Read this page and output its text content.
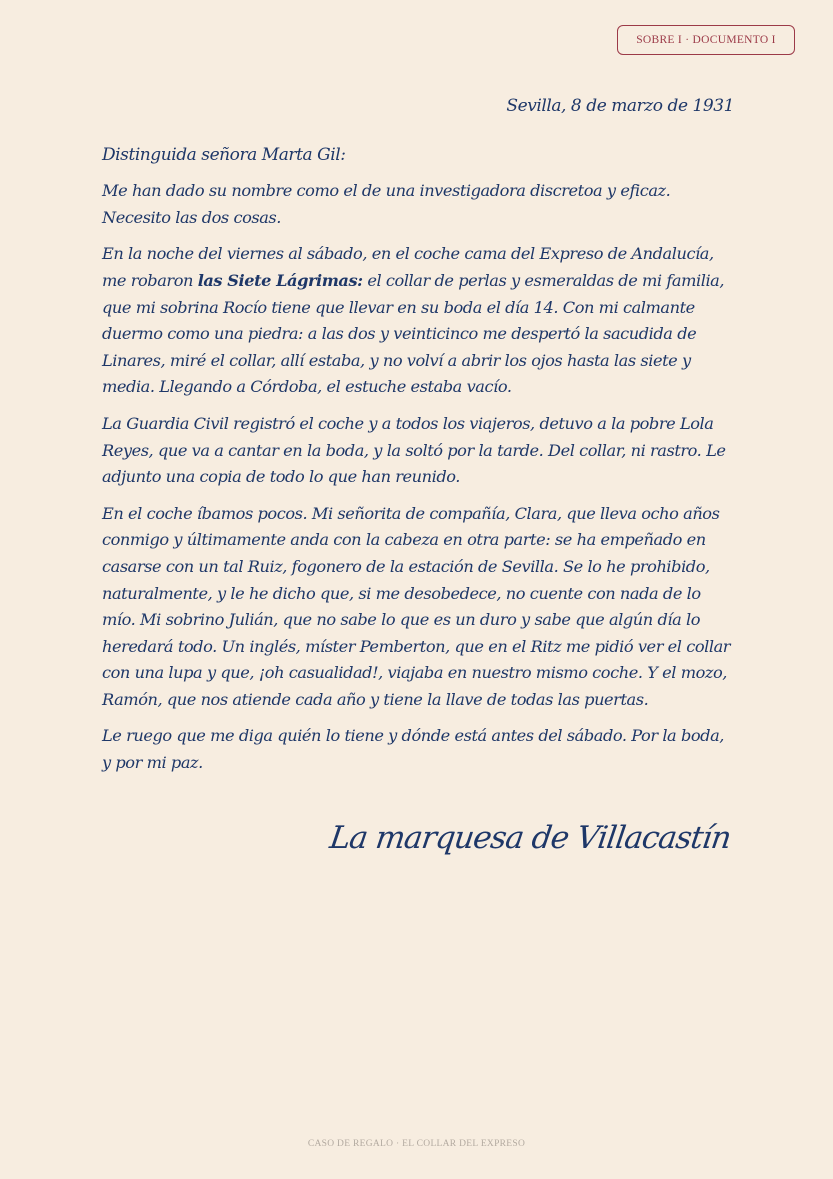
SOBRE I · DOCUMENTO I
Sevilla, 8 de marzo de 1931
Distinguida señora Marta Gil:

Me han dado su nombre como el de una investigadora discretoa y eficaz. Necesito las dos cosas.

En la noche del viernes al sábado, en el coche cama del Expreso de Andalucía, me robaron las Siete Lágrimas: el collar de perlas y esmeraldas de mi familia, que mi sobrina Rocío tiene que llevar en su boda el día 14. Con mi calmante duermo como una piedra: a las dos y veinticinco me despertó la sacudida de Linares, miré el collar, allí estaba, y no volví a abrir los ojos hasta las siete y media. Llegando a Córdoba, el estuche estaba vacío.

La Guardia Civil registró el coche y a todos los viajeros, detuvo a la pobre Lola Reyes, que va a cantar en la boda, y la soltó por la tarde. Del collar, ni rastro. Le adjunto una copia de todo lo que han reunido.

En el coche íbamos pocos. Mi señorita de compañía, Clara, que lleva ocho años conmigo y últimamente anda con la cabeza en otra parte: se ha empeñado en casarse con un tal Ruiz, fogonero de la estación de Sevilla. Se lo he prohibido, naturalmente, y le he dicho que, si me desobedece, no cuente con nada de lo mío. Mi sobrino Julián, que no sabe lo que es un duro y sabe que algún día lo heredará todo. Un inglés, míster Pemberton, que en el Ritz me pidió ver el collar con una lupa y que, ¡oh casualidad!, viajaba en nuestro mismo coche. Y el mozo, Ramón, que nos atiende cada año y tiene la llave de todas las puertas.

Le ruego que me diga quién lo tiene y dónde está antes del sábado. Por la boda, y por mi paz.

La marquesa de Villacastín
CASO DE REGALO · EL COLLAR DEL EXPRESO
